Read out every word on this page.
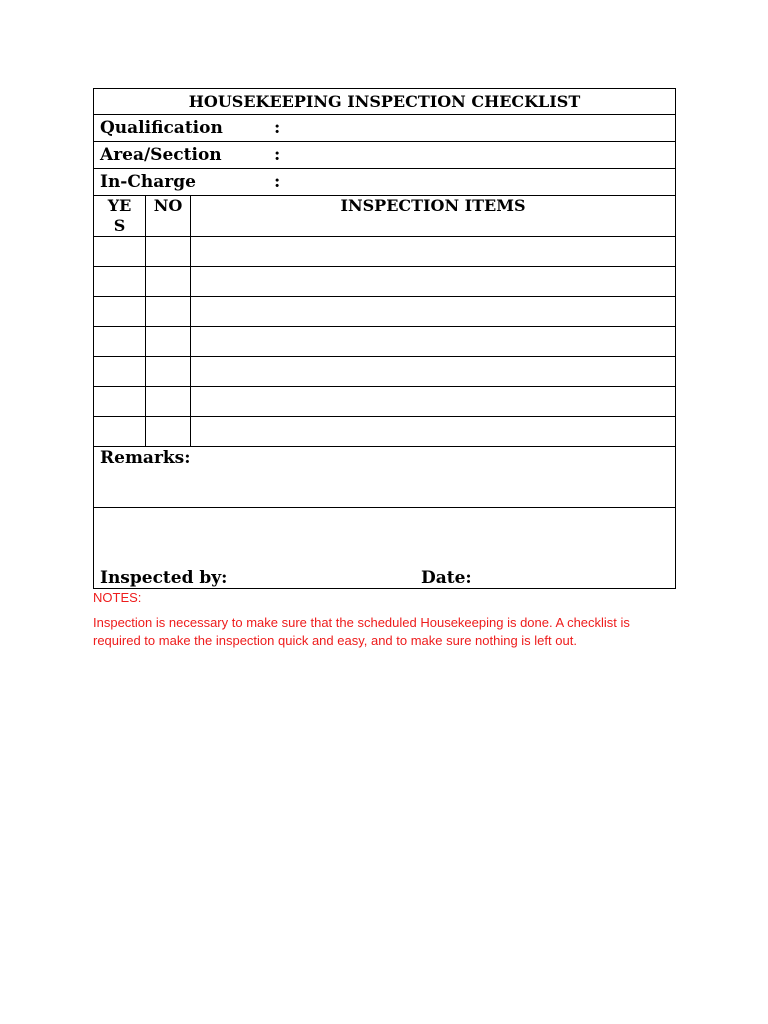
HOUSEKEEPING INSPECTION CHECKLIST		
Qualification :		
Area/Section :		
In-Charge :		

YES	NO	INSPECTION ITEMS

Remarks:		

Inspected by: Date:		
NOTES:
Inspection is necessary to make sure that the scheduled Housekeeping is done. A checklist is required to make the inspection quick and easy, and to make sure nothing is left out.
